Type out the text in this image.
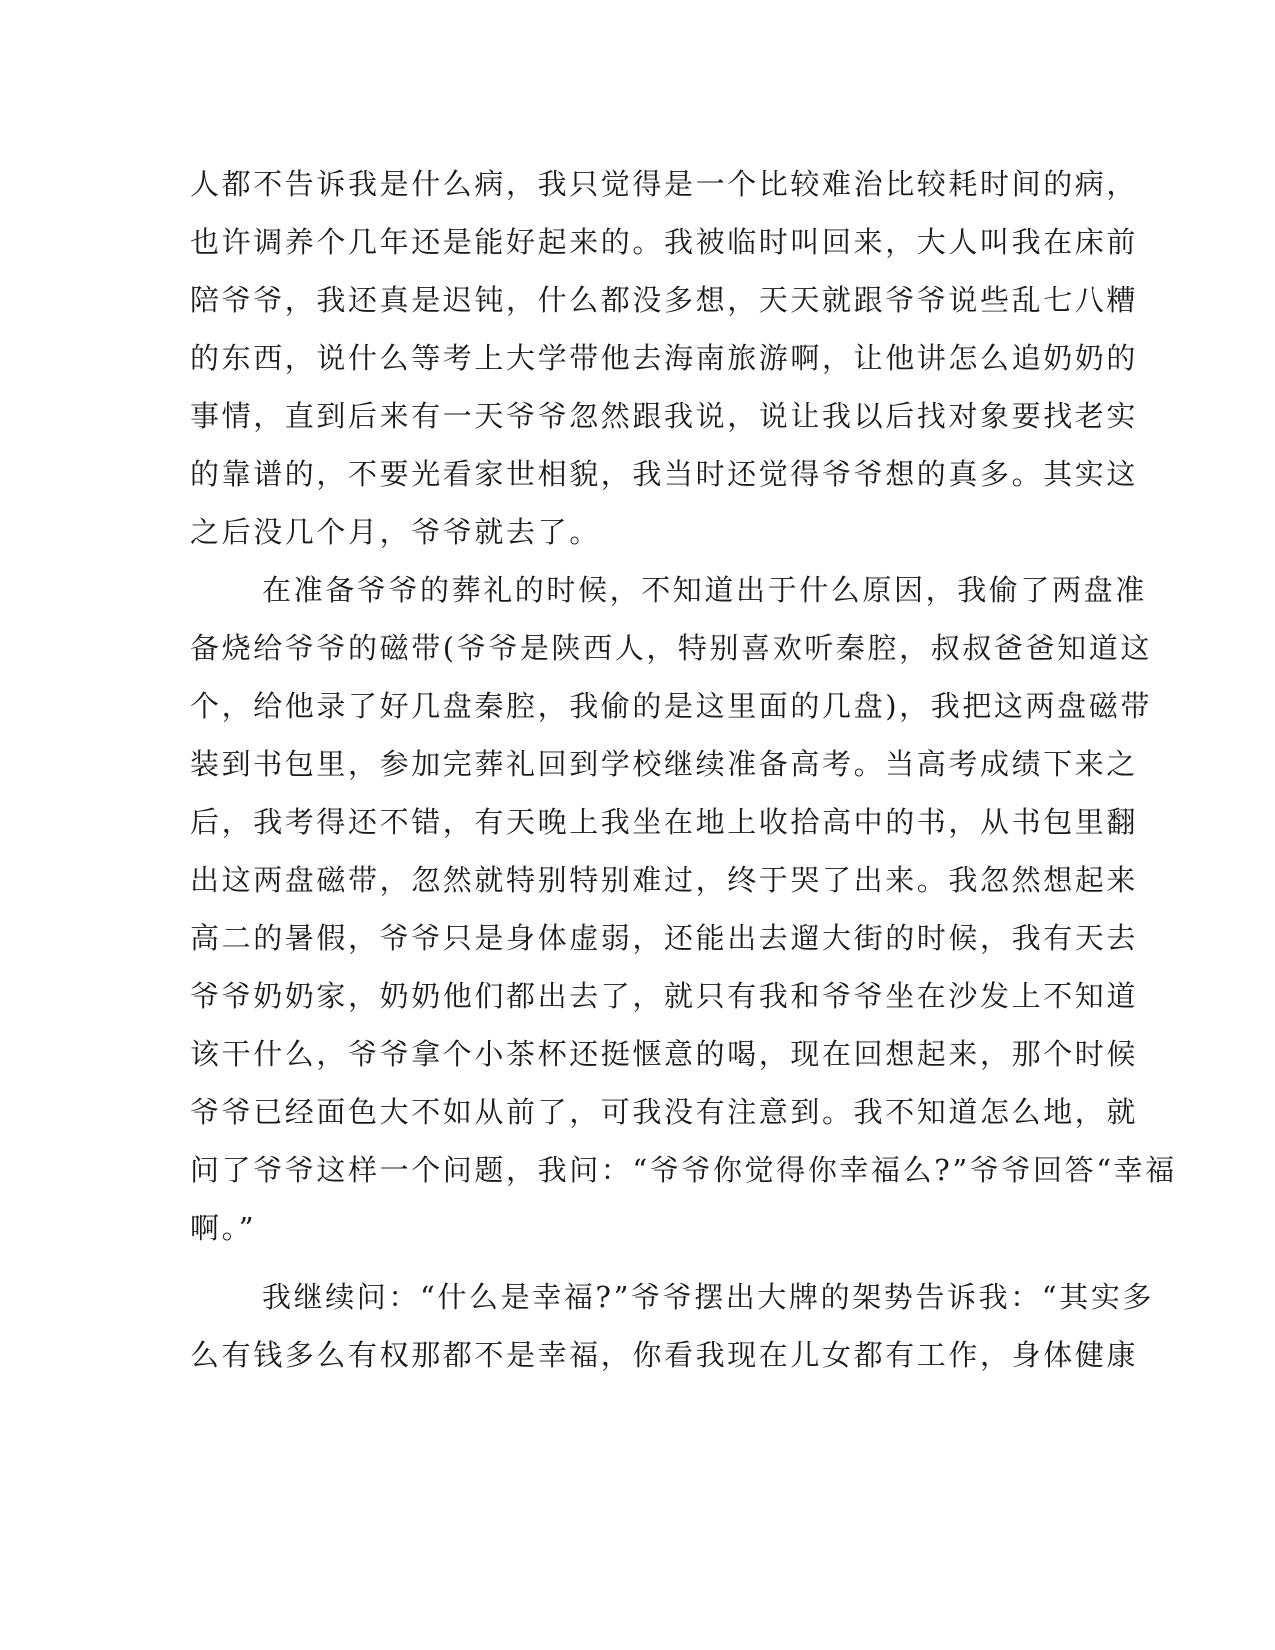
人都不告诉我是什么病，我只觉得是一个比较难治比较耗时间的病，
也许调养个几年还是能好起来的。我被临时叫回来，大人叫我在床前
陪爷爷，我还真是迟钝，什么都没多想，天天就跟爷爷说些乱七八糟
的东西，说什么等考上大学带他去海南旅游啊，让他讲怎么追奶奶的
事情，直到后来有一天爷爷忽然跟我说，说让我以后找对象要找老实
的靠谱的，不要光看家世相貌，我当时还觉得爷爷想的真多。其实这
之后没几个月，爷爷就去了。
在准备爷爷的葬礼的时候，不知道出于什么原因，我偷了两盘准
备烧给爷爷的磁带(爷爷是陕西人，特别喜欢听秦腔，叔叔爸爸知道这
个，给他录了好几盘秦腔，我偷的是这里面的几盘)，我把这两盘磁带
装到书包里，参加完葬礼回到学校继续准备高考。当高考成绩下来之
后，我考得还不错，有天晚上我坐在地上收拾高中的书，从书包里翻
出这两盘磁带，忽然就特别特别难过，终于哭了出来。我忽然想起来
高二的暑假，爷爷只是身体虚弱，还能出去遛大街的时候，我有天去
爷爷奶奶家，奶奶他们都出去了，就只有我和爷爷坐在沙发上不知道
该干什么，爷爷拿个小茶杯还挺惬意的喝，现在回想起来，那个时候
爷爷已经面色大不如从前了，可我没有注意到。我不知道怎么地，就
问了爷爷这样一个问题，我问：“爷爷你觉得你幸福么?”爷爷回答“幸福
啊。”
我继续问：“什么是幸福?”爷爷摆出大牌的架势告诉我：“其实多
么有钱多么有权那都不是幸福，你看我现在儿女都有工作，身体健康
